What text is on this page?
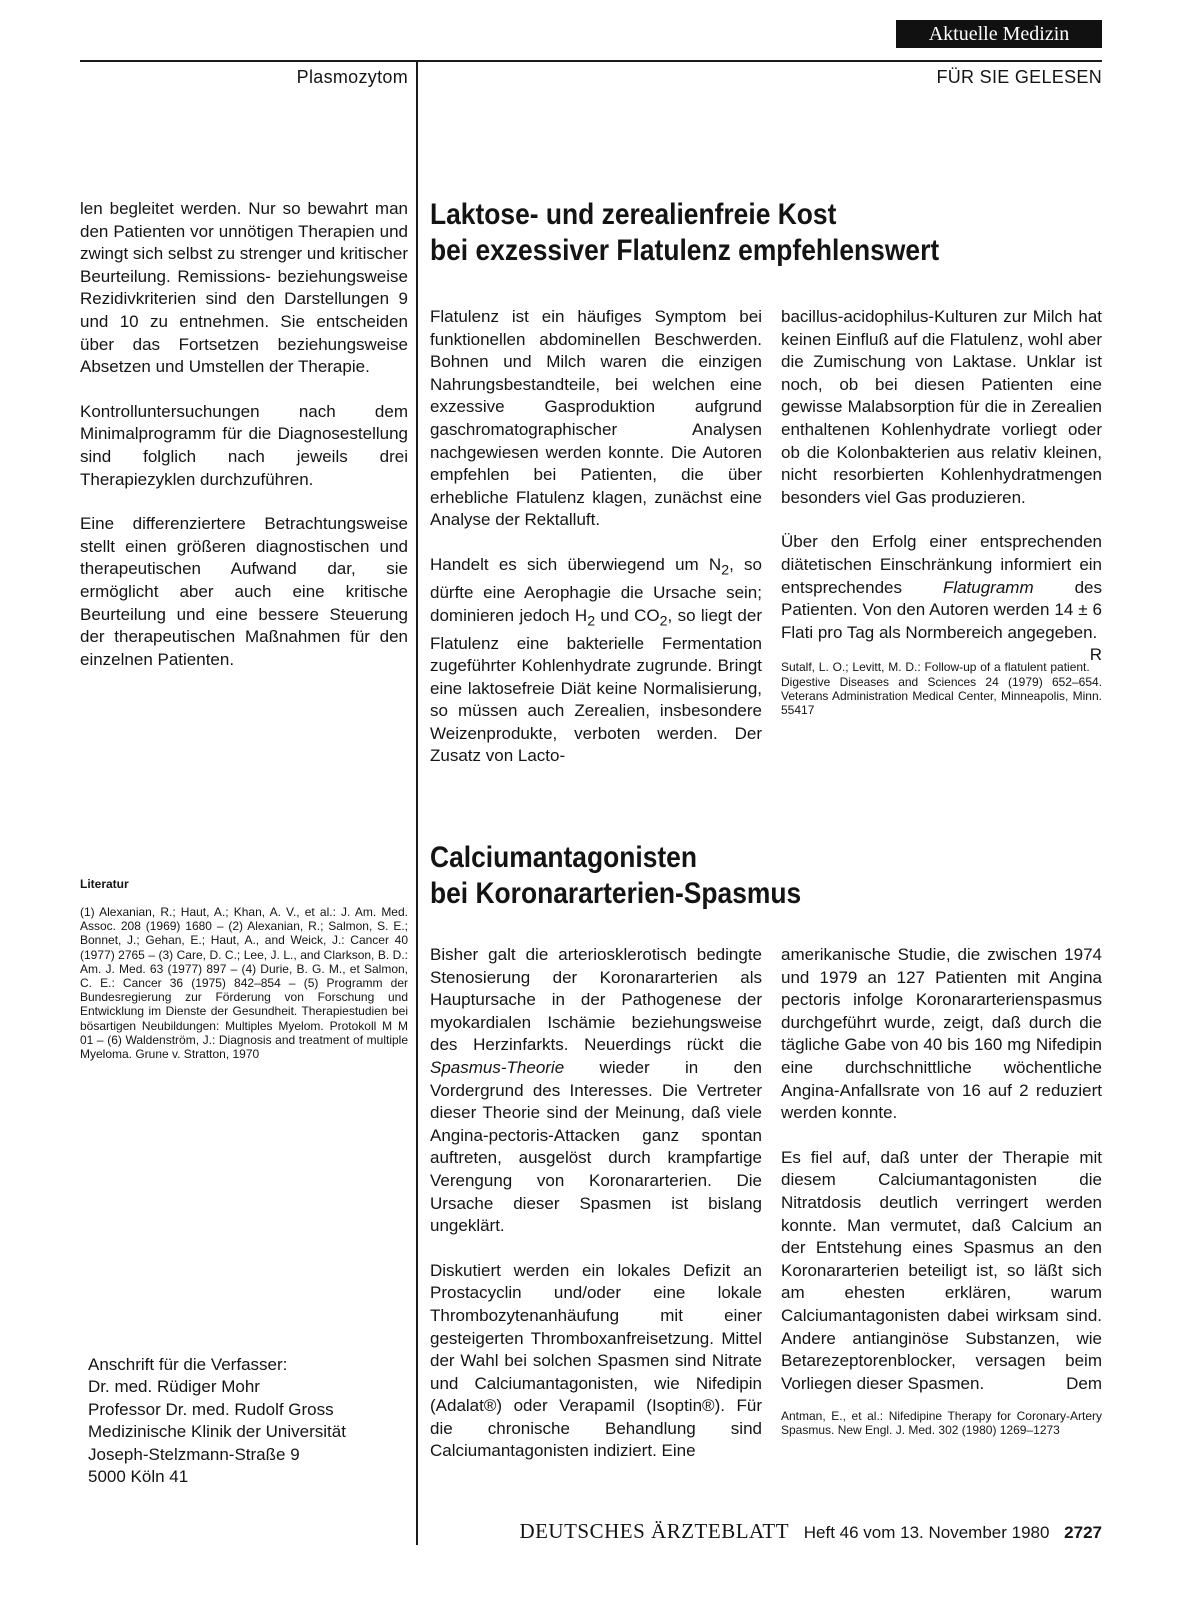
Aktuelle Medizin
Plasmozytom	FÜR SIE GELESEN

len begleitet werden. Nur so bewahrt man den Patienten vor unnötigen Therapien und zwingt sich selbst zu strenger und kritischer Beurteilung. Remissions- beziehungsweise Rezidivkriterien sind den Darstellungen 9 und 10 zu entnehmen. Sie entscheiden über das Fortsetzen beziehungsweise Absetzen und Umstellen der Therapie.

Kontrolluntersuchungen nach dem Minimalprogramm für die Diagnosestellung sind folglich nach jeweils drei Therapiezyklen durchzuführen.

Eine differenziertere Betrachtungsweise stellt einen größeren diagnostischen und therapeutischen Aufwand dar, sie ermöglicht aber auch eine kritische Beurteilung und eine bessere Steuerung der therapeutischen Maßnahmen für den einzelnen Patienten.

Literatur

(1) Alexanian, R.; Haut, A.; Khan, A. V., et al.: J. Am. Med. Assoc. 208 (1969) 1680 – (2) Alexanian, R.; Salmon, S. E.; Bonnet, J.; Gehan, E.; Haut, A., and Weick, J.: Cancer 40 (1977) 2765 – (3) Care, D. C.; Lee, J. L., and Clarkson, B. D.: Am. J. Med. 63 (1977) 897 – (4) Durie, B. G. M., et Salmon, C. E.: Cancer 36 (1975) 842–854 – (5) Programm der Bundesregierung zur Förderung von Forschung und Entwicklung im Dienste der Gesundheit. Therapiestudien bei bösartigen Neubildungen: Multiples Myelom. Protokoll M M 01 – (6) Waldenström, J.: Diagnosis and treatment of multiple Myeloma. Grune v. Stratton, 1970

Anschrift für die Verfasser:

Dr. med. Rüdiger Mohr

Professor Dr. med. Rudolf Gross

Medizinische Klinik der Universität

Joseph-Stelzmann-Straße 9

5000 Köln 41

Laktose- und zerealienfreie Kost

bei exzessiver Flatulenz empfehlenswert

Flatulenz ist ein häufiges Symptom bei funktionellen abdominellen Beschwerden. Bohnen und Milch waren die einzigen Nahrungsbestandteile, bei welchen eine exzessive Gasproduktion aufgrund gaschromatographischer Analysen nachgewiesen werden konnte. Die Autoren empfehlen bei Patienten, die über erhebliche Flatulenz klagen, zunächst eine Analyse der Rektalluft.

Handelt es sich überwiegend um $N_2$, so dürfte eine Aerophagie die Ursache sein; dominieren jedoch $H_2$ und $CO_2$, so liegt der Flatulenz eine bakterielle Fermentation zugeführter Kohlenhydrate zugrunde. Bringt eine laktosefreie Diät keine Normalisierung, so müssen auch Zerealien, insbesondere Weizenprodukte, verboten werden. Der Zusatz von Lacto-

bacillus-acidophilus-Kulturen zur Milch hat keinen Einfluß auf die Flatulenz, wohl aber die Zumischung von Laktase. Unklar ist noch, ob bei diesen Patienten eine gewisse Malabsorption für die in Zerealien enthaltenen Kohlenhydrate vorliegt oder ob die Kolonbakterien aus relativ kleinen, nicht resorbierten Kohlenhydratmengen besonders viel Gas produzieren.

Über den Erfolg einer entsprechenden diätetischen Einschränkung informiert ein entsprechendes Flatugramm des Patienten. Von den Autoren werden 14 ± 6 Flati pro Tag als Normbereich angegeben.
R

Sutalf, L. O.; Levitt, M. D.: Follow-up of a flatulent patient. Digestive Diseases and Sciences 24 (1979) 652–654. Veterans Administration Medical Center, Minneapolis, Minn. 55417

Calciumantagonisten

bei Koronararterien-Spasmus

Bisher galt die arteriosklerotisch bedingte Stenosierung der Koronararterien als Hauptursache in der Pathogenese der myokardialen Ischämie beziehungsweise des Herzinfarkts. Neuerdings rückt die Spasmus-Theorie wieder in den Vordergrund des Interesses. Die Vertreter dieser Theorie sind der Meinung, daß viele Angina-pectoris-Attacken ganz spontan auftreten, ausgelöst durch krampfartige Verengung von Koronararterien. Die Ursache dieser Spasmen ist bislang ungeklärt.

Diskutiert werden ein lokales Defizit an Prostacyclin und/oder eine lokale Thrombozytenanhäufung mit einer gesteigerten Thromboxanfreisetzung. Mittel der Wahl bei solchen Spasmen sind Nitrate und Calciumantagonisten, wie Nifedipin (Adalat®) oder Verapamil (Isoptin®). Für die chronische Behandlung sind Calciumantagonisten indiziert. Eine

amerikanische Studie, die zwischen 1974 und 1979 an 127 Patienten mit Angina pectoris infolge Koronararterienspasmus durchgeführt wurde, zeigt, daß durch die tägliche Gabe von 40 bis 160 mg Nifedipin eine durchschnittliche wöchentliche Angina-Anfallsrate von 16 auf 2 reduziert werden konnte.

Es fiel auf, daß unter der Therapie mit diesem Calciumantagonisten die Nitratdosis deutlich verringert werden konnte. Man vermutet, daß Calcium an der Entstehung eines Spasmus an den Koronararterien beteiligt ist, so läßt sich am ehesten erklären, warum Calciumantagonisten dabei wirksam sind. Andere antianginöse Substanzen, wie Betarezeptorenblocker, versagen beim Vorliegen dieser Spasmen.	Dem

Antman, E., et al.: Nifedipine Therapy for Coronary-Artery Spasmus. New Engl. J. Med. 302 (1980) 1269–1273

DEUTSCHES ÄRZTEBLATT Heft 46 vom 13. November 1980 2727
